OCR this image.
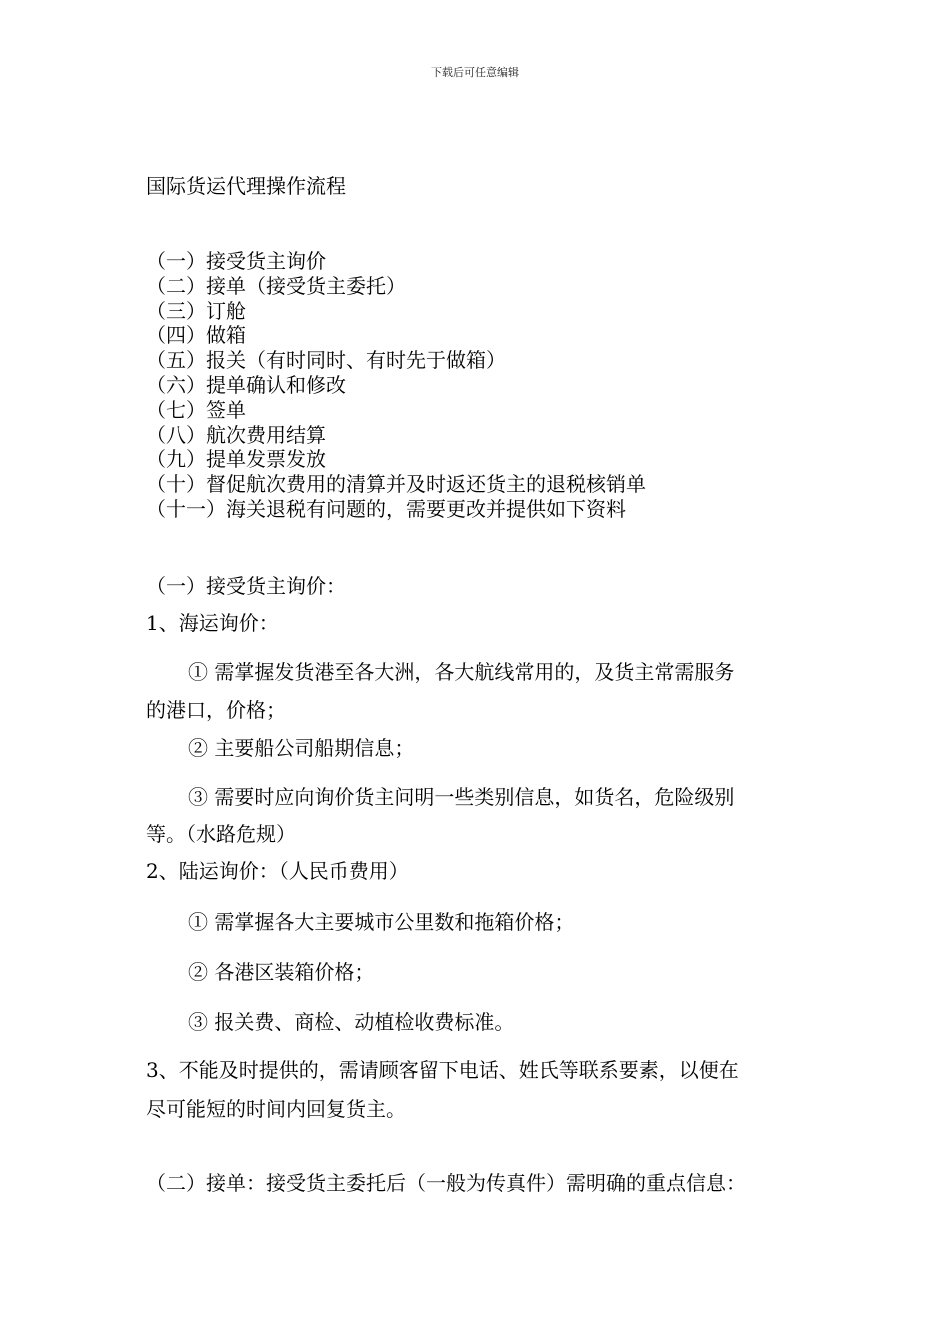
下载后可任意编辑
国际货运代理操作流程
（一）接受货主询价
（二）接单（接受货主委托）
（三）订舱
（四）做箱
（五）报关（有时同时、有时先于做箱）
（六）提单确认和修改
（七）签单
（八）航次费用结算
（九）提单发票发放
（十）督促航次费用的清算并及时返还货主的退税核销单
（十一）海关退税有问题的，需要更改并提供如下资料
（一）接受货主询价：
1、海运询价：
① 需掌握发货港至各大洲，各大航线常用的，及货主常需服务
的港口，价格；
② 主要船公司船期信息；
③ 需要时应向询价货主问明一些类别信息，如货名，危险级别
等。（水路危规）
2、陆运询价：（人民币费用）
① 需掌握各大主要城市公里数和拖箱价格；
② 各港区装箱价格；
③ 报关费、商检、动植检收费标准。
3、不能及时提供的，需请顾客留下电话、姓氏等联系要素，以便在
尽可能短的时间内回复货主。
（二）接单：接受货主委托后（一般为传真件）需明确的重点信息：
